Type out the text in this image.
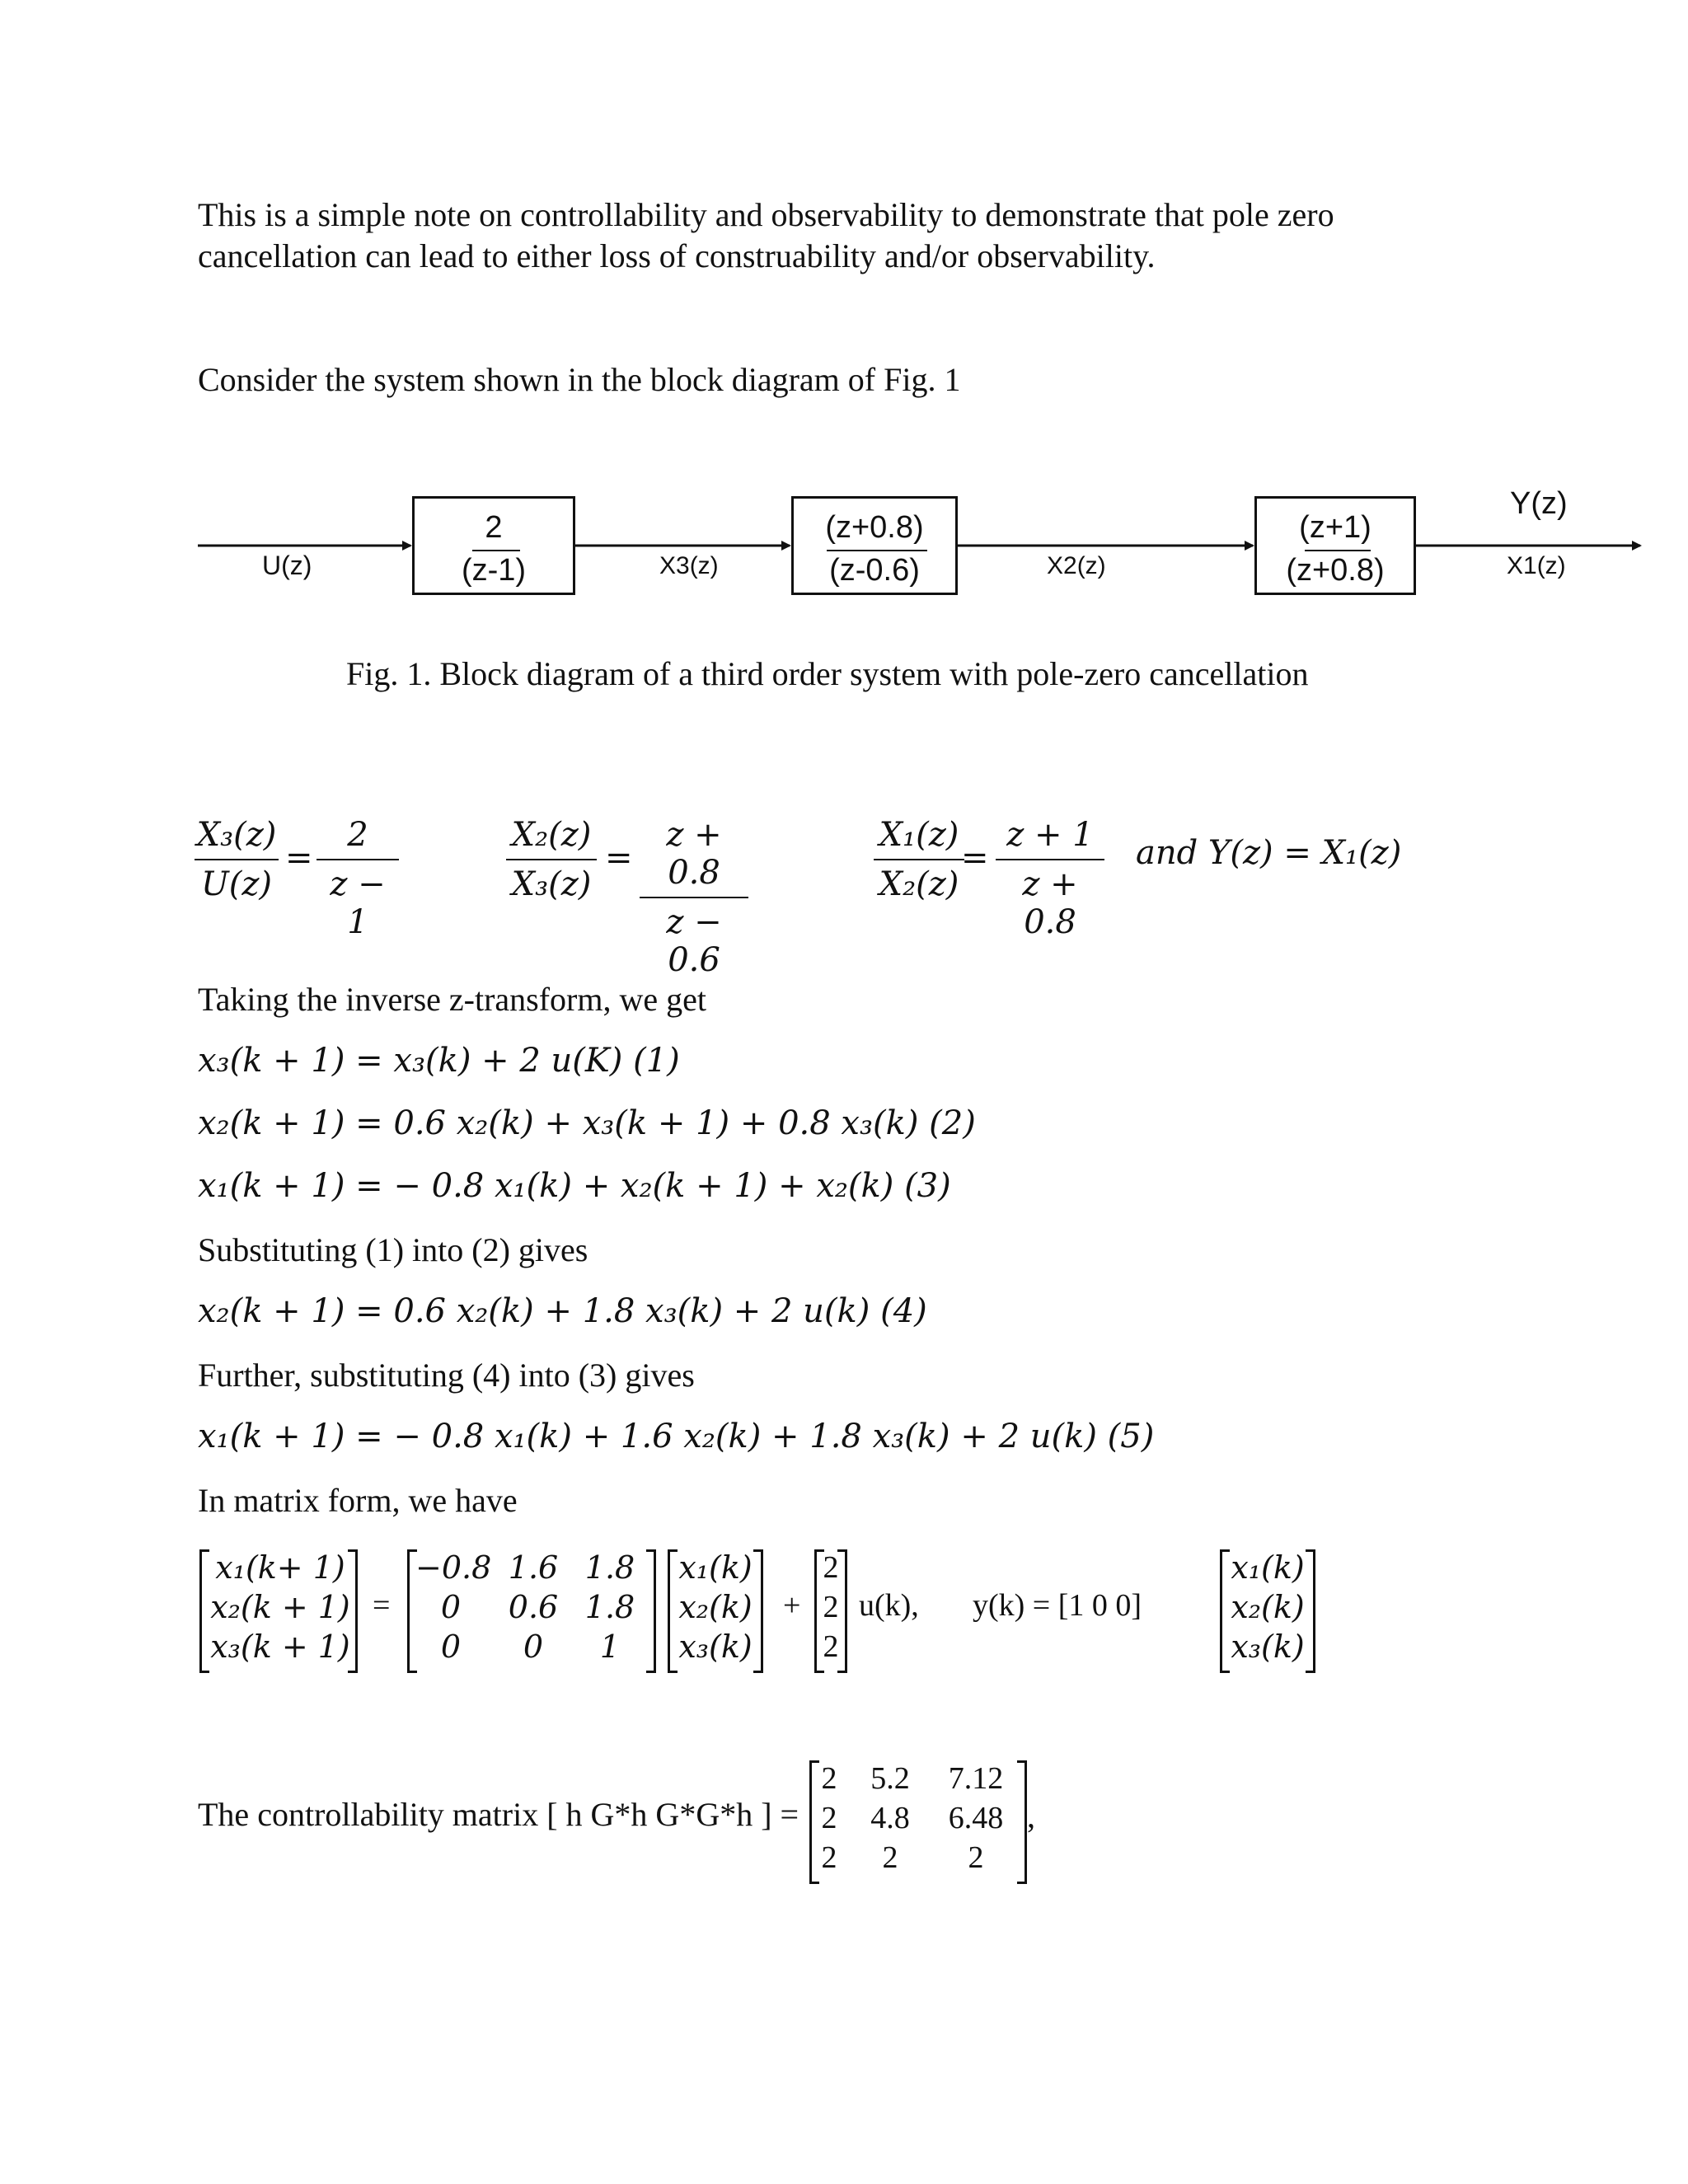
This is a simple note on controllability and observability to demonstrate that pole zero
cancellation can lead to either loss of construability and/or observability.
Consider the system shown in the block diagram of Fig. 1
U(z)
2
(z-1)	X3(z)
(z+0.8)
(z-0.6)	X2(z)
(z+1)
(z+0.8)
Y(z)
X1(z)
Fig. 1. Block diagram of a third order system with pole-zero cancellation
X₃(z)
U(z)
=
2
z − 1
X₂(z)
X₃(z)
=
z + 0.8
z − 0.6
X₁(z)
X₂(z)
=
z + 1
z + 0.8
and Y(z) = X₁(z)
Taking the inverse z-transform, we get
x₃(k + 1) = x₃(k) + 2 u(K) (1)
x₂(k + 1) = 0.6 x₂(k) + x₃(k + 1) + 0.8 x₃(k) (2)
x₁(k + 1) = − 0.8 x₁(k) + x₂(k + 1) + x₂(k) (3)
Substituting (1) into (2) gives
x₂(k + 1) = 0.6 x₂(k) + 1.8 x₃(k) + 2 u(k) (4)
Further, substituting (4) into (3) gives
x₁(k + 1) = − 0.8 x₁(k) + 1.6 x₂(k) + 1.8 x₃(k) + 2 u(k) (5)
In matrix form, we have
x₁(k+ 1)
x₂(k + 1)
x₃(k + 1)
=
−0.8 1.6 1.8
0	0.6 1.8
0	0	1
x₁(k)
x₂(k)
x₃(k)
+
2
2
2
u(k), y(k) = [1 0 0]
x₁(k)
x₂(k)
x₃(k)
The controllability matrix [ h G*h G*G*h ] =
2	5.2	7.12
2	4.8	6.48
2	2	2
,
